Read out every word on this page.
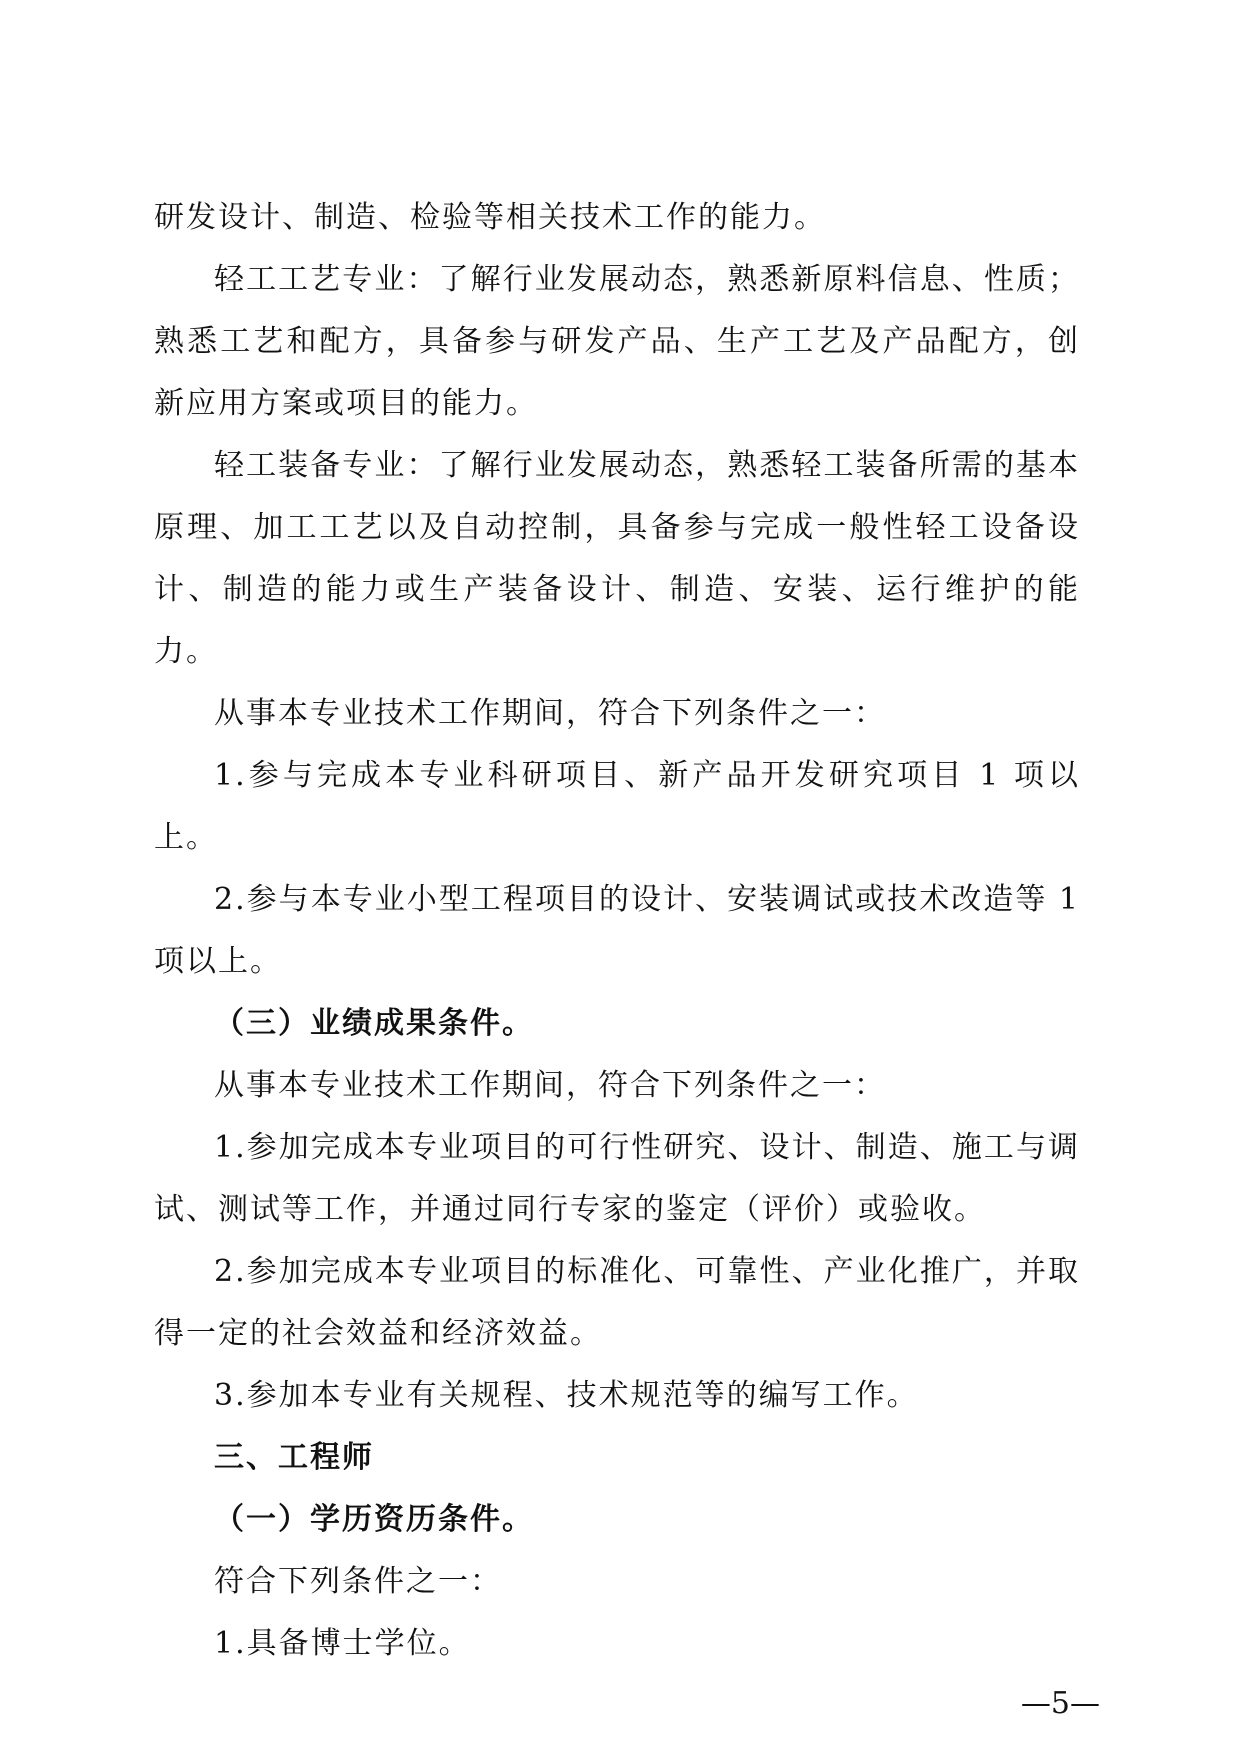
研发设计、制造、检验等相关技术工作的能力。

轻工工艺专业：了解行业发展动态，熟悉新原料信息、性质；熟悉工艺和配方，具备参与研发产品、生产工艺及产品配方，创新应用方案或项目的能力。

轻工装备专业：了解行业发展动态，熟悉轻工装备所需的基本原理、加工工艺以及自动控制，具备参与完成一般性轻工设备设计、制造的能力或生产装备设计、制造、安装、运行维护的能力。

从事本专业技术工作期间，符合下列条件之一：

1.参与完成本专业科研项目、新产品开发研究项目 1 项以上。

2.参与本专业小型工程项目的设计、安装调试或技术改造等 1 项以上。

（三）业绩成果条件。

从事本专业技术工作期间，符合下列条件之一：

1.参加完成本专业项目的可行性研究、设计、制造、施工与调试、测试等工作，并通过同行专家的鉴定（评价）或验收。

2.参加完成本专业项目的标准化、可靠性、产业化推广，并取得一定的社会效益和经济效益。

3.参加本专业有关规程、技术规范等的编写工作。

三、工程师

（一）学历资历条件。

符合下列条件之一：

1.具备博士学位。

—5—
